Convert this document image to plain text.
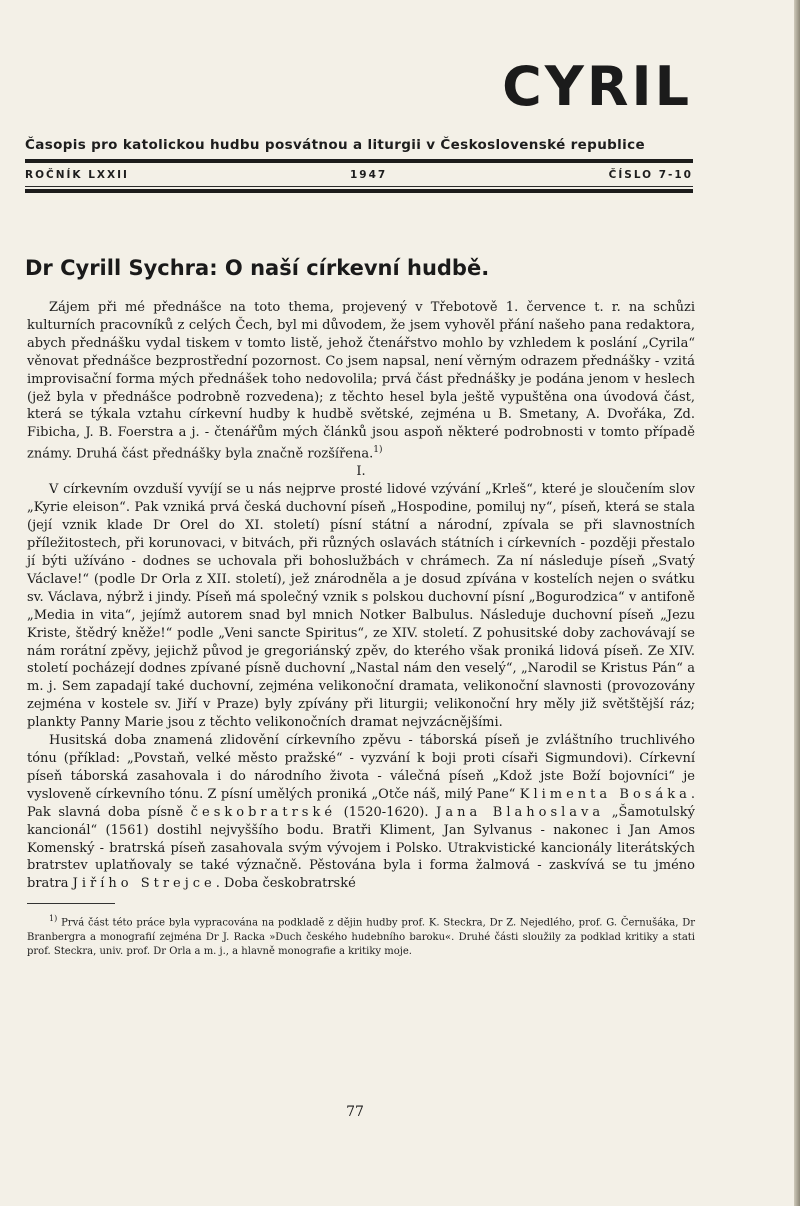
CYRIL
Časopis pro katolickou hudbu posvátnou a liturgii v Československé republice
ROČNÍK LXXII	1947	ČÍSLO 7-10
Dr Cyrill Sychra: O naší církevní hudbě.

Zájem při mé přednášce na toto thema, projevený v Třebotově 1. července t. r. na schůzi kulturních pracovníků z celých Čech, byl mi důvodem, že jsem vyhověl přání našeho pana redaktora, abych přednášku vydal tiskem v tomto listě, jehož čtenářstvo mohlo by vzhledem k poslání „Cyrila“ věnovat přednášce bezprostřední pozornost. Co jsem napsal, není věrným odrazem přednášky - vzitá improvisační forma mých přednášek toho nedovolila; prvá část přednášky je podána jenom v heslech (jež byla v přednášce podrobně rozvedena); z těchto hesel byla ještě vypuštěna ona úvodová část, která se týkala vztahu církevní hudby k hudbě světské, zejména u B. Smetany, A. Dvořáka, Zd. Fibicha, J. B. Foerstra a j. - čtenářům mých článků jsou aspoň některé podrobnosti v tomto případě známy. Druhá část přednášky byla značně rozšířena.$^{1)}$

I.

V církevním ovzduší vyvíjí se u nás nejprve prosté lidové vzývání „Krleš“, které je sloučením slov „Kyrie eleison“. Pak vzniká prvá česká duchovní píseň „Hospodine, pomiluj ny“, píseň, která se stala (její vznik klade Dr Orel do XI. století) písní státní a národní, zpívala se při slavnostních příležitostech, při korunovaci, v bitvách, při různých oslavách státních i církevních - později přestalo jí býti užíváno - dodnes se uchovala při bohoslužbách v chrámech. Za ní následuje píseň „Svatý Václave!“ (podle Dr Orla z XII. století), jež znárodněla a je dosud zpívána v kostelích nejen o svátku sv. Václava, nýbrž i jindy. Píseň má společný vznik s polskou duchovní písní „Bogurodzica“ v antifoně „Media in vita“, jejímž autorem snad byl mnich Notker Balbulus. Následuje duchovní píseň „Jezu Kriste, štědrý kněže!“ podle „Veni sancte Spiritus“, ze XIV. století. Z pohusitské doby zachovávají se nám rorátní zpěvy, jejichž původ je gregoriánský zpěv, do kterého však proniká lidová píseň. Ze XIV. století pocházejí dodnes zpívané písně duchovní „Nastal nám den veselý“, „Narodil se Kristus Pán“ a m. j. Sem zapadají také duchovní, zejména velikonoční dramata, velikonoční slavnosti (provozovány zejména v kostele sv. Jiří v Praze) byly zpívány při liturgii; velikonoční hry měly již světštější ráz; plankty Panny Marie jsou z těchto velikonočních dramat nejvzácnějšími.

Husitská doba znamená zlidovění církevního zpěvu - táborská píseň je zvláštního truchlivého tónu (příklad: „Povstaň, velké město pražské“ - vyzvání k boji proti císaři Sigmundovi). Církevní píseň táborská zasahovala i do národního života - válečná píseň „Kdož jste Boží bojovníci“ je vysloveně církevního tónu. Z písní umělých proniká „Otče náš, milý Pane“ Klimenta Bosáka. Pak slavná doba písně českobratrské (1520-1620). Jana Blahoslava „Šamotulský kancionál“ (1561) dostihl nejvyššího bodu. Bratři Kliment, Jan Sylvanus - nakonec i Jan Amos Komenský - bratrská píseň zasahovala svým vývojem i Polsko. Utrakvistické kancionály literátských bratrstev uplatňovaly se také význačně. Pěstována byla i forma žalmová - zaskvívá se tu jméno bratra Jiřího Strejce. Doba českobratrské

$^{1)}$ Prvá část této práce byla vypracována na podkladě z dějin hudby prof. K. Steckra, Dr Z. Nejedlého, prof. G. Černušáka, Dr Branbergra a monografií zejména Dr J. Racka »Duch českého hudebního baroku«. Druhé části sloužily za podklad kritiky a stati prof. Steckra, univ. prof. Dr Orla a m. j., a hlavně monografie a kritiky moje.

77
